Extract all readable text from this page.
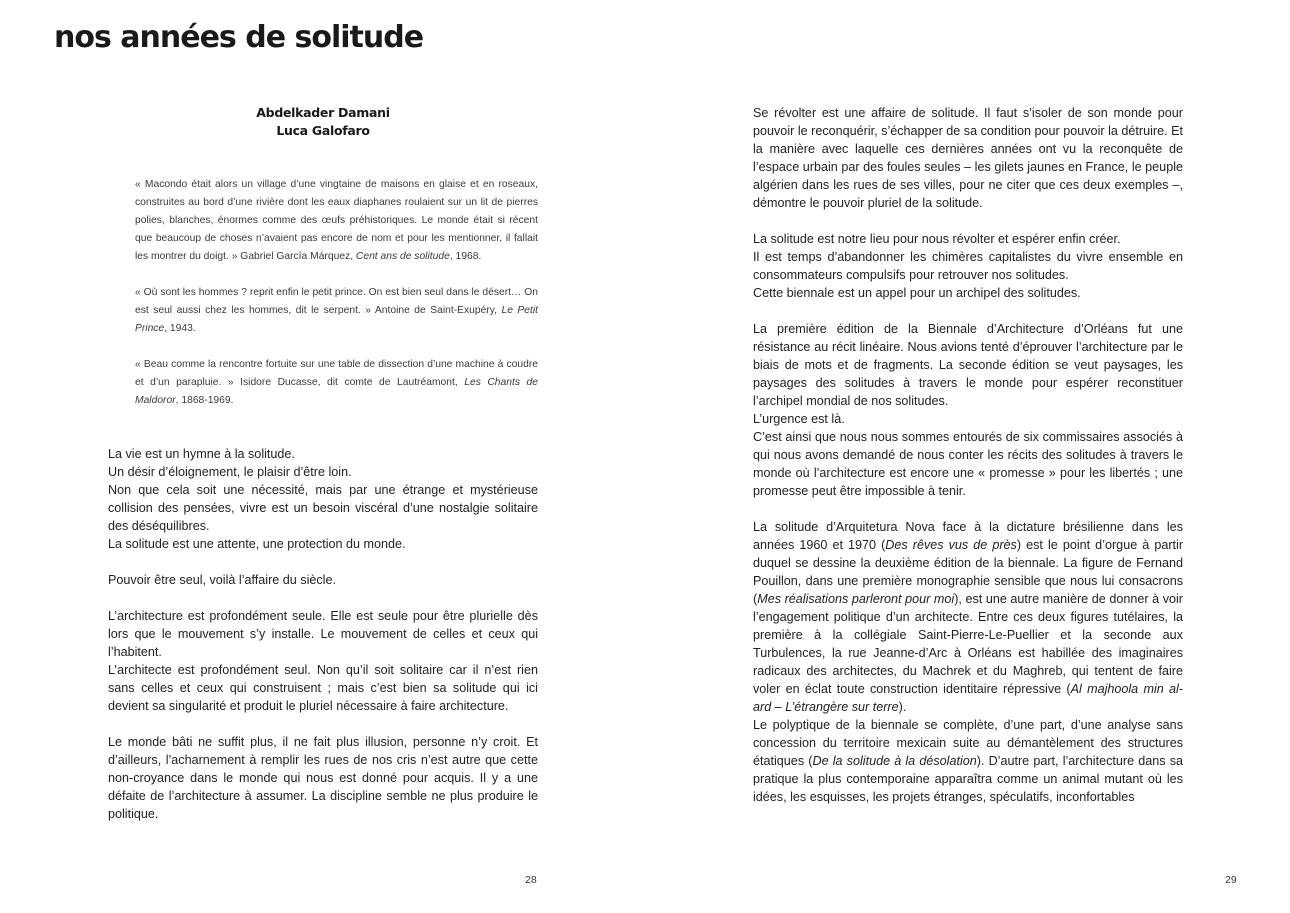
nos années de solitude
Abdelkader Damani
Luca Galofaro

« Macondo était alors un village d’une vingtaine de maisons en glaise et en roseaux, construites au bord d’une rivière dont les eaux diaphanes roulaient sur un lit de pierres polies, blanches, énormes comme des œufs préhistoriques. Le monde était si récent que beaucoup de choses n’avaient pas encore de nom et pour les mentionner, il fallait les montrer du doigt. » Gabriel García Márquez, Cent ans de solitude, 1968.

« Où sont les hommes ? reprit enfin le petit prince. On est bien seul dans le désert… On est seul aussi chez les hommes, dit le serpent. » Antoine de Saint-Exupéry, Le Petit Prince, 1943.

« Beau comme la rencontre fortuite sur une table de dissection d’une machine à coudre et d’un parapluie. » Isidore Ducasse, dit comte de Lautréamont, Les Chants de Maldoror, 1868-1969.

La vie est un hymne à la solitude.
Un désir d’éloignement, le plaisir d’être loin.
Non que cela soit une nécessité, mais par une étrange et mystérieuse collision des pensées, vivre est un besoin viscéral d’une nostalgie solitaire des déséquilibres.
La solitude est une attente, une protection du monde.

Pouvoir être seul, voilà l’affaire du siècle.

L’architecture est profondément seule. Elle est seule pour être plurielle dès lors que le mouvement s’y installe. Le mouvement de celles et ceux qui l’habitent.
L’architecte est profondément seul. Non qu’il soit solitaire car il n’est rien sans celles et ceux qui construisent ; mais c’est bien sa solitude qui ici devient sa singularité et produit le pluriel nécessaire à faire architecture.

Le monde bâti ne suffit plus, il ne fait plus illusion, personne n’y croit. Et d’ailleurs, l’acharnement à remplir les rues de nos cris n’est autre que cette non-croyance dans le monde qui nous est donné pour acquis. Il y a une défaite de l’architecture à assumer. La discipline semble ne plus produire le politique.

28

Se révolter est une affaire de solitude. Il faut s’isoler de son monde pour pouvoir le reconquérir, s’échapper de sa condition pour pouvoir la détruire. Et la manière avec laquelle ces dernières années ont vu la reconquête de l’espace urbain par des foules seules – les gilets jaunes en France, le peuple algérien dans les rues de ses villes, pour ne citer que ces deux exemples –, démontre le pouvoir pluriel de la solitude.

La solitude est notre lieu pour nous révolter et espérer enfin créer.
Il est temps d’abandonner les chimères capitalistes du vivre ensemble en consommateurs compulsifs pour retrouver nos solitudes.
Cette biennale est un appel pour un archipel des solitudes.

La première édition de la Biennale d’Architecture d’Orléans fut une résistance au récit linéaire. Nous avions tenté d’éprouver l’architecture par le biais de mots et de fragments. La seconde édition se veut paysages, les paysages des solitudes à travers le monde pour espérer reconstituer l’archipel mondial de nos solitudes.
L’urgence est là.
C’est ainsi que nous nous sommes entourés de six commissaires associés à qui nous avons demandé de nous conter les récits des solitudes à travers le monde où l’architecture est encore une « promesse » pour les libertés ; une promesse peut être impossible à tenir.

La solitude d’Arquitetura Nova face à la dictature brésilienne dans les années 1960 et 1970 (Des rêves vus de près) est le point d’orgue à partir duquel se dessine la deuxième édition de la biennale. La figure de Fernand Pouillon, dans une première monographie sensible que nous lui consacrons (Mes réalisations parleront pour moi), est une autre manière de donner à voir l’engagement politique d’un architecte. Entre ces deux figures tutélaires, la première à la collégiale Saint-Pierre-Le-Puellier et la seconde aux Turbulences, la rue Jeanne-d’Arc à Orléans est habillée des imaginaires radicaux des architectes, du Machrek et du Maghreb, qui tentent de faire voler en éclat toute construction identitaire répressive (Al majhoola min al-ard – L’étrangère sur terre).
Le polyptique de la biennale se complète, d’une part, d’une analyse sans concession du territoire mexicain suite au démantèlement des structures étatiques (De la solitude à la désolation). D’autre part, l’architecture dans sa pratique la plus contemporaine apparaîtra comme un animal mutant où les idées, les esquisses, les projets étranges, spéculatifs, inconfortables

29
